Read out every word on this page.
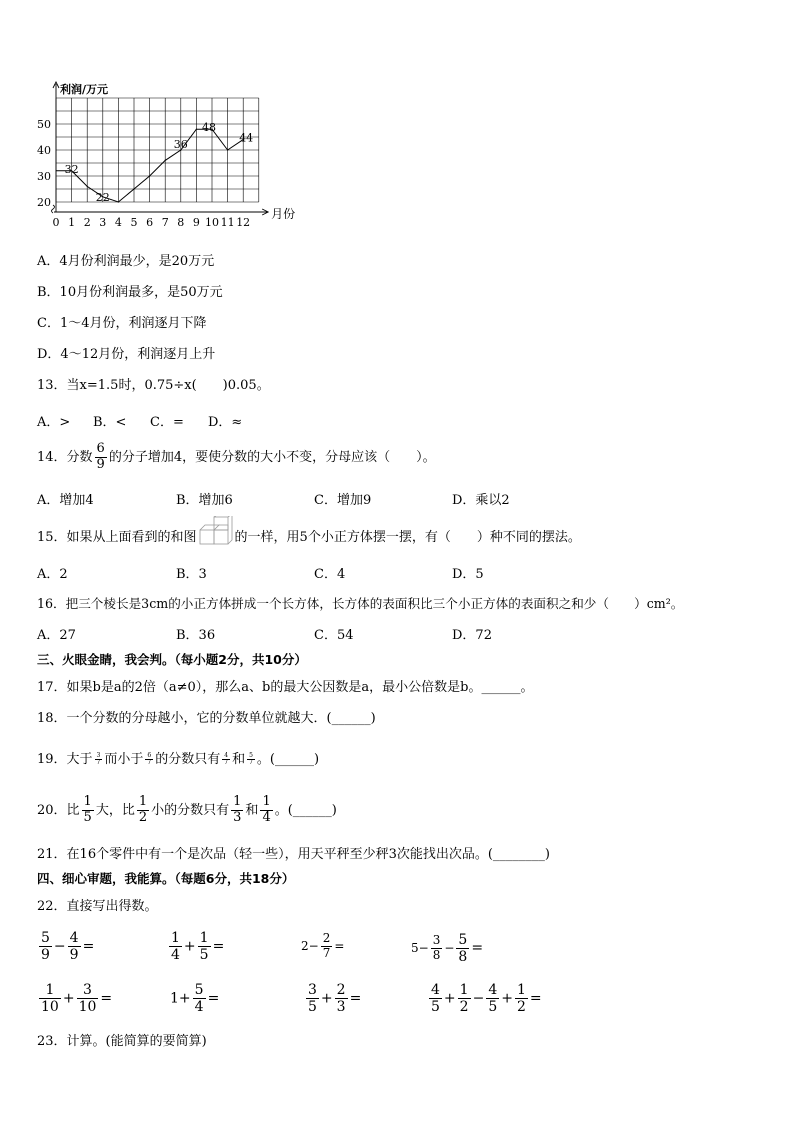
利润/万元
月份
0 1 2 3 4 5 6 7 8 9 10 11 12
20
30
40
50
32
22
36
48
44
A．4月份利润最少，是20万元
B．10月份利润最多，是50万元
C．1～4月份，利润逐月下降
D．4～12月份，利润逐月上升
13．当x=1.5时，0.75÷x(　　)0.05。
A．> B．< C．= D．≈
14．分数 $\frac{6}{9}$ 的分子增加4，要使分数的大小不变，分母应该（　　）。
A．增加4	B．增加6	C．增加9	D．乘以2
15．如果从上面看到的和图	的一样，用5个小正方体摆一摆，有（　　）种不同的摆法。
A．2	B．3	C．4	D．5
16．把三个棱长是3cm的小正方体拼成一个长方体，长方体的表面积比三个小正方体的表面积之和少（　　）cm²。
A．27	B．36	C．54	D．72
三、火眼金睛，我会判。（每小题2分，共10分）
17．如果b是a的2倍（a≠0），那么a、b的最大公因数是a，最小公倍数是b。______。
18．一个分数的分母越小，它的分数单位就越大．(______)
19．大于 $\frac{3}{7}$ 而小于 $\frac{6}{7}$ 的分数只有 $\frac{4}{7}$ 和 $\frac{5}{7}$ 。(______)
20．比 $\frac{1}{5}$ 大，比 $\frac{1}{2}$ 小的分数只有 $\frac{1}{3}$ 和 $\frac{1}{4}$ 。(______)
21．在16个零件中有一个是次品（轻一些），用天平秤至少秤3次能找出次品。(________)
四、细心审题，我能算。（每题6分，共18分）
22．直接写出得数。
$\frac{5}{9} - \frac{4}{9}$ =	$\frac{1}{4} + \frac{1}{5}$ =	$2- \frac{2}{7}$ =	$5- \frac{3}{8} - \frac{5}{8}$ =
$\frac{1}{10} + \frac{3}{10}$ =	$1+ \frac{5}{4}$ =	$\frac{3}{5} + \frac{2}{3}$ =	$\frac{4}{5} + \frac{1}{2} - \frac{4}{5} + \frac{1}{2}$ =
23．计算。(能简算的要简算)
